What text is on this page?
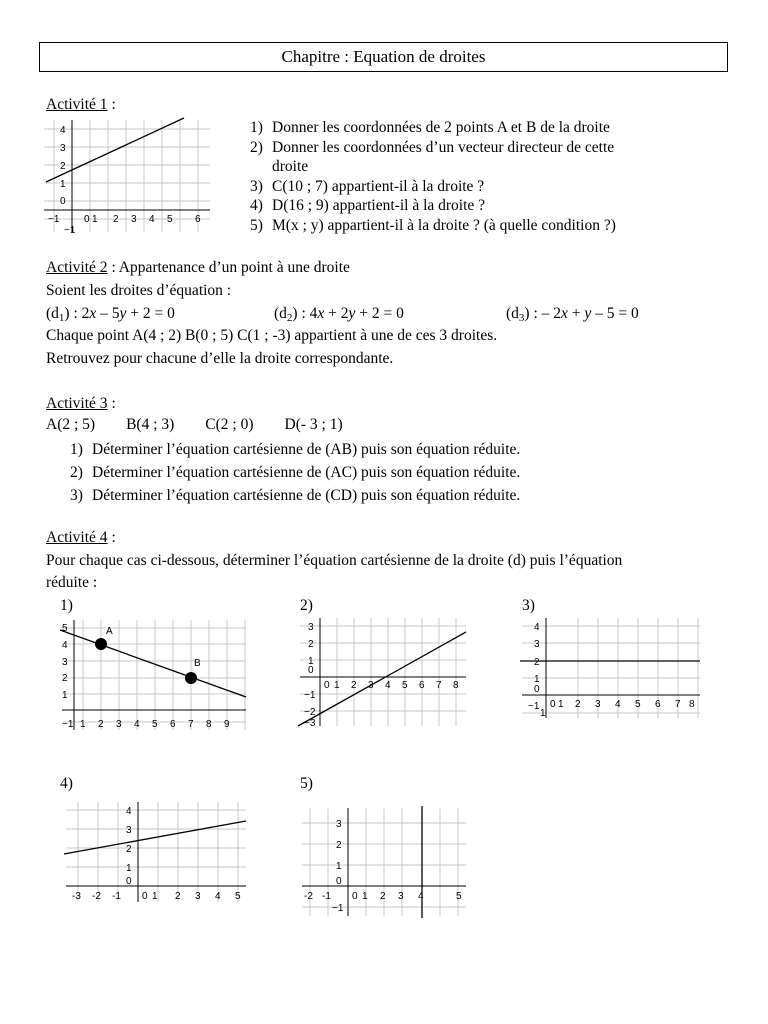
Chapitre : Equation de droites
Activité 1 :
4
3
2
1
0
−1
−1
0 1 2 3 4 5 6
1) Donner les coordonnées de 2 points A et B de la droite
2) Donner les coordonnées d’un vecteur directeur de cette
droite
3) C(10 ; 7) appartient-il à la droite ?
4) D(16 ; 9) appartient-il à la droite ?
5) M(x ; y) appartient-il à la droite ? (à quelle condition ?)
Activité 2 : Appartenance d’un point à une droite
Soient les droites d’équation :
$(d_1)$ : 2x – 5y + 2 = 0	$(d_2)$ : 4x + 2y + 2 = 0	$(d_3)$ : – 2x + y – 5 = 0
Chaque point A(4 ; 2) B(0 ; 5) C(1 ; -3) appartient à une de ces 3 droites.
Retrouvez pour chacune d’elle la droite correspondante.
Activité 3 :
A(2 ; 5)        B(4 ; 3)        C(2 ; 0)        D(- 3 ; 1)
1) Déterminer l’équation cartésienne de (AB) puis son équation réduite.
2) Déterminer l’équation cartésienne de (AC) puis son équation réduite.
3) Déterminer l’équation cartésienne de (CD) puis son équation réduite.
Activité 4 :
Pour chaque cas ci-dessous, déterminer l’équation cartésienne de la droite (d) puis l’équation
réduite :
1)	2)	3)
4)	5)
A
B
5
4
3
2
1
−1 1 2 3 4 5 6 7 8 9
3
2
1
0
−1
−2
−3
0 1 2 3 4 5 6 7 8
4
3
2
1
0
−1
1
0 1 2 3 4 5 6 7 8
4
3
2
1
0
-3 -2 -1 0 1 2 3 4 5
3
2
1
0
−1
-2 -1 0 1 2 3 4	5
